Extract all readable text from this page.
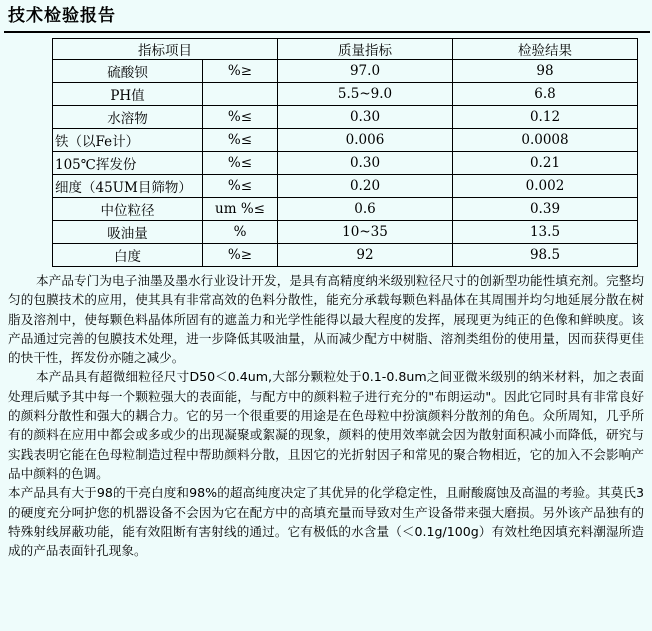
技术检验报告
指标项目		质量指标	检验结果
硫酸钡	%≥	97.0	98
PH值		5.5~9.0	6.8
水溶物	%≤	0.30	0.12
铁（以Fe计）	%≤	0.006	0.0008
105℃挥发份	%≤	0.30	0.21
细度（45UM目筛物）	%≤	0.20	0.002
中位粒径	um %≤	0.6	0.39
吸油量	%	10~35	13.5
白度	%≥	92	98.5

本产品专门为电子油墨及墨水行业设计开发，是具有高精度纳米级别粒径尺寸的创新型功能性填充剂。完整均匀的包膜技术的应用，使其具有非常高效的色料分散性，能充分承载每颗色料晶体在其周围并均匀地延展分散在树脂及溶剂中，使每颗色料晶体所固有的遮盖力和光学性能得以最大程度的发挥，展现更为纯正的色像和鲜映度。该产品通过完善的包膜技术处理，进一步降低其吸油量，从而减少配方中树脂、溶剂类组份的使用量，因而获得更佳的快干性，挥发份亦随之减少。

本产品具有超微细粒径尺寸D50＜0.4um,大部分颗粒处于0.1-0.8um之间亚微米级别的纳米材料，加之表面处理后赋予其中每一个颗粒强大的表面能，与配方中的颜料粒子进行充分的"布朗运动"。因此它同时具有非常良好的颜料分散性和强大的耦合力。它的另一个很重要的用途是在色母粒中扮演颜料分散剂的角色。众所周知，几乎所有的颜料在应用中都会或多或少的出现凝聚或絮凝的现象，颜料的使用效率就会因为散射面积减小而降低，研究与实践表明它能在色母粒制造过程中帮助颜料分散，且因它的光折射因子和常见的聚合物相近，它的加入不会影响产品中颜料的色调。

本产品具有大于98的干亮白度和98%的超高纯度决定了其优异的化学稳定性，且耐酸腐蚀及高温的考验。其莫氏3的硬度充分呵护您的机器设备不会因为它在配方中的高填充量而导致对生产设备带来强大磨损。另外该产品独有的特殊射线屏蔽功能，能有效阻断有害射线的通过。它有极低的水含量（＜0.1g/100g）有效杜绝因填充料潮湿所造成的产品表面针孔现象。
